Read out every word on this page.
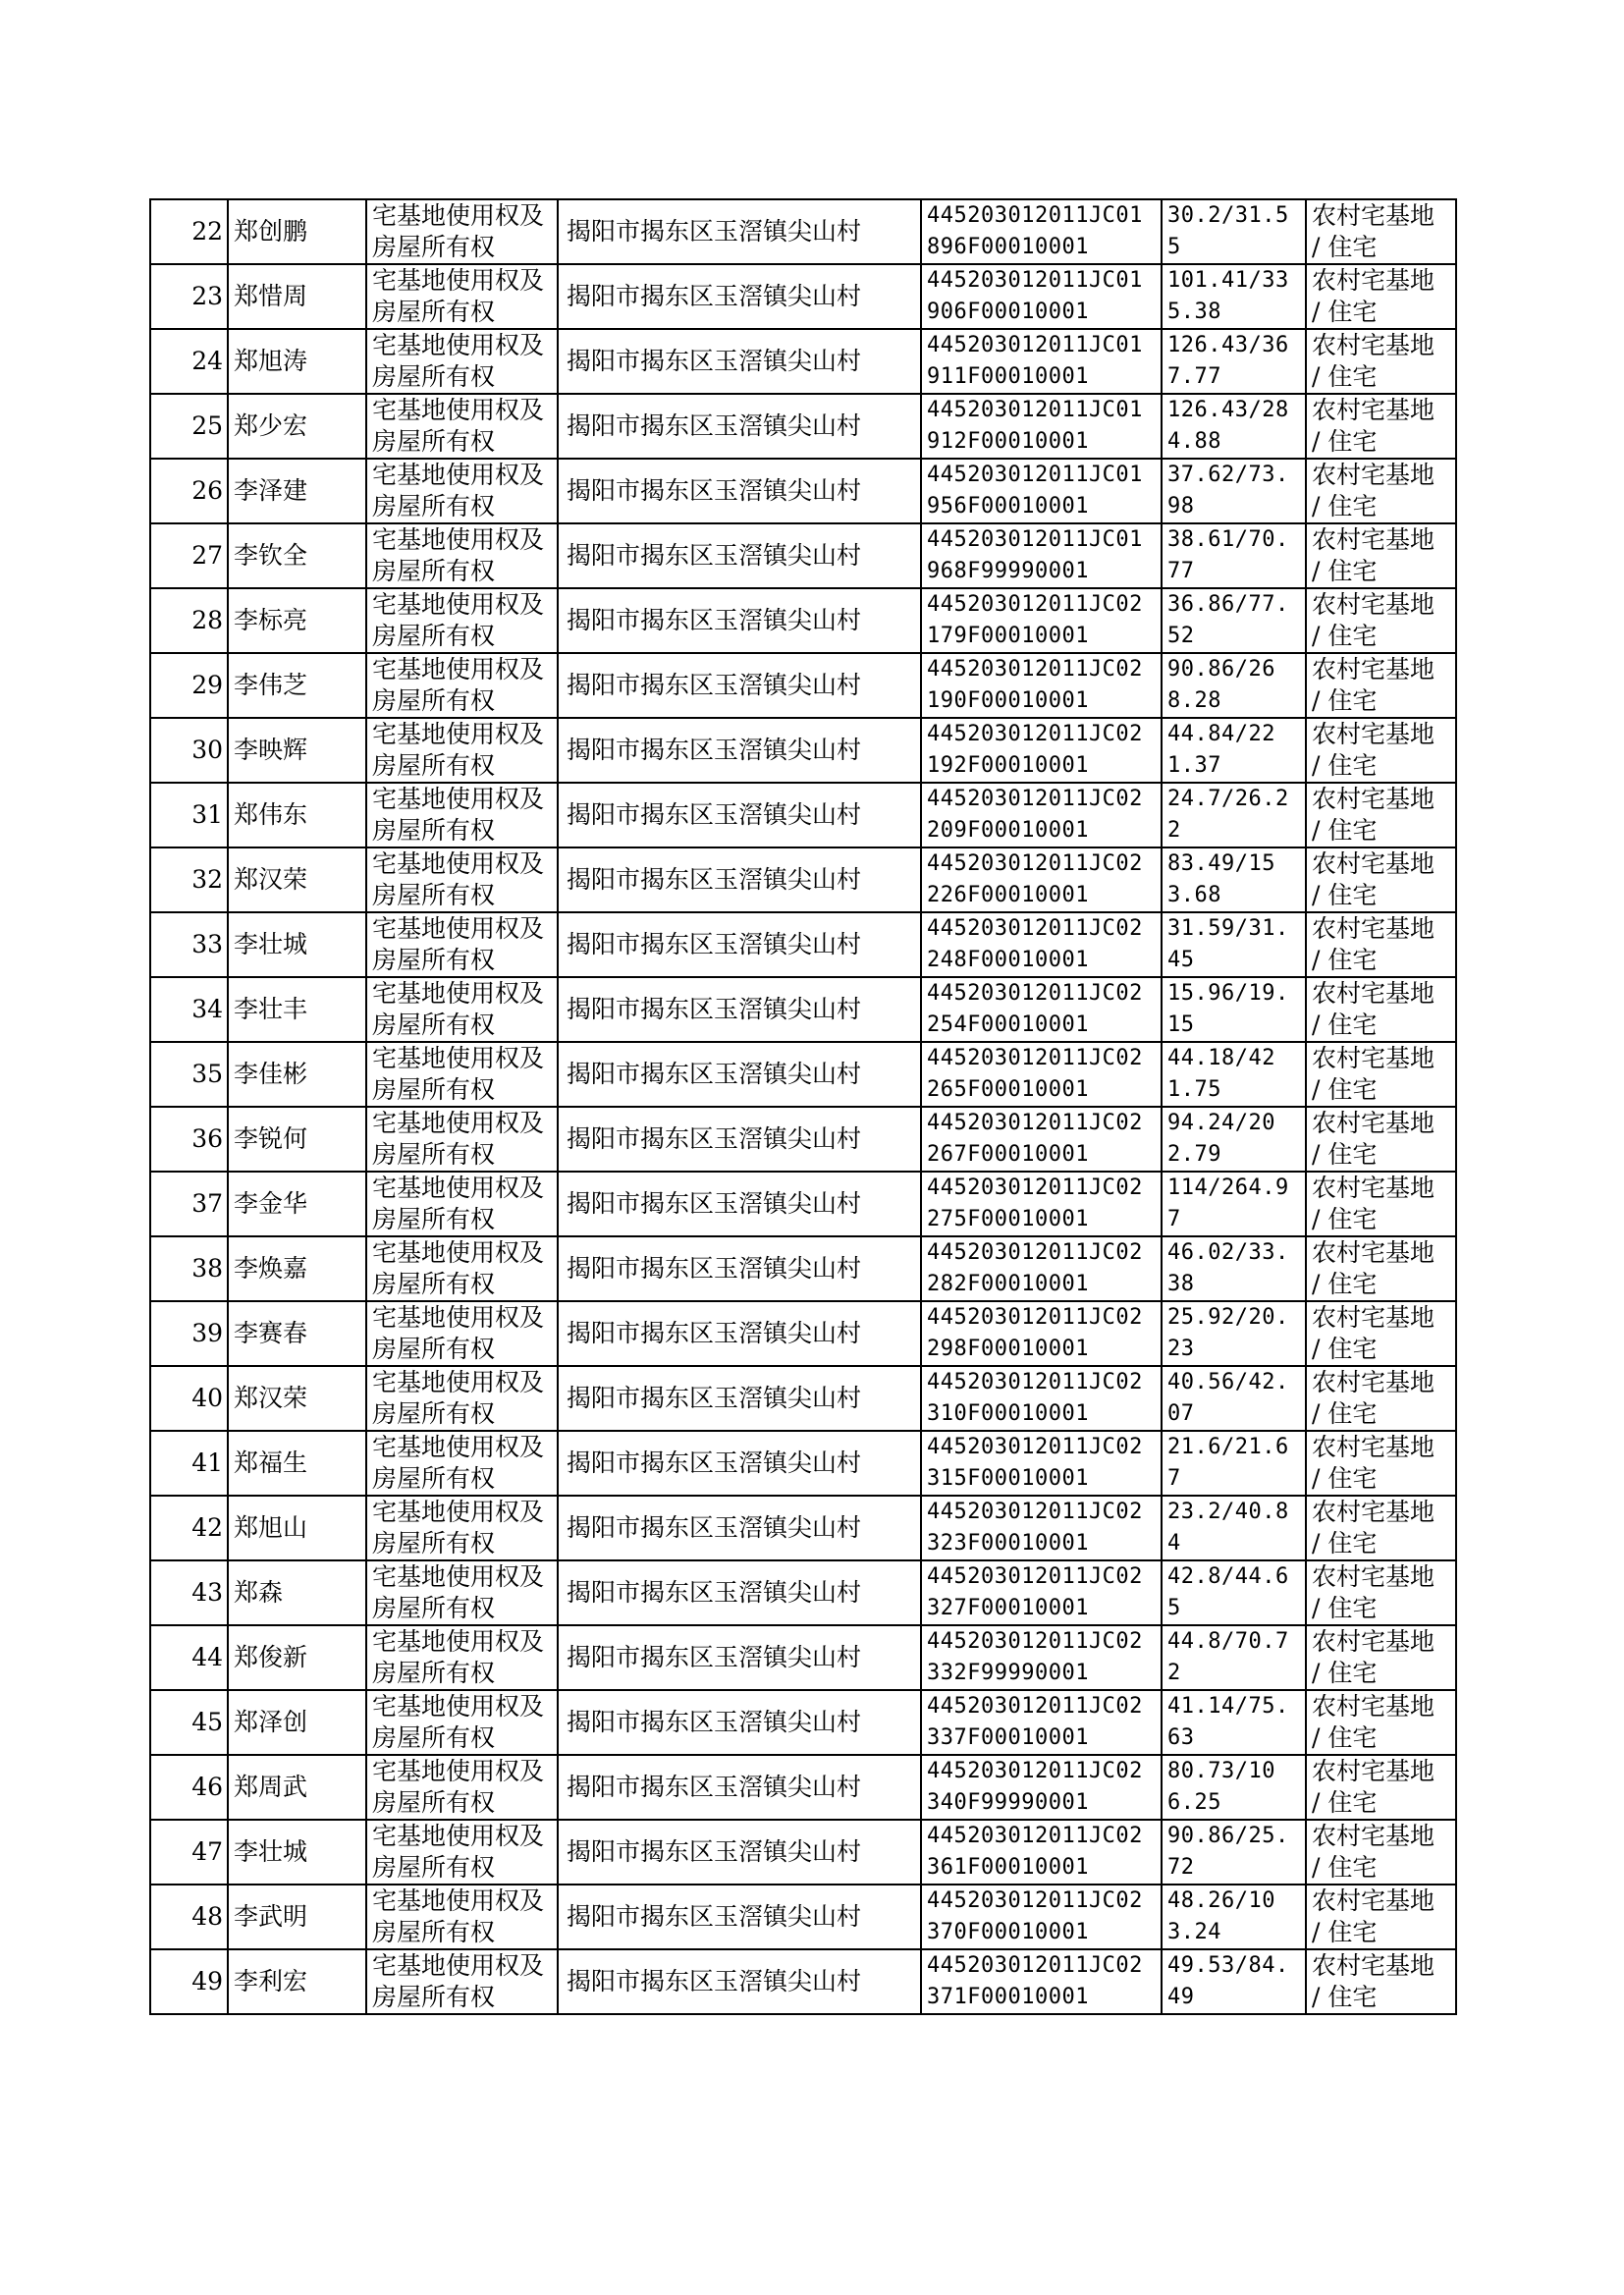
22	郑创鹏	宅基地使用权及房屋所有权	揭阳市揭东区玉滘镇尖山村	445203012011JC01896F00010001	30.2/31.55	农村宅基地 / 住宅
23	郑惜周	宅基地使用权及房屋所有权	揭阳市揭东区玉滘镇尖山村	445203012011JC01906F00010001	101.41/335.38	农村宅基地 / 住宅
24	郑旭涛	宅基地使用权及房屋所有权	揭阳市揭东区玉滘镇尖山村	445203012011JC01911F00010001	126.43/367.77	农村宅基地 / 住宅
25	郑少宏	宅基地使用权及房屋所有权	揭阳市揭东区玉滘镇尖山村	445203012011JC01912F00010001	126.43/284.88	农村宅基地 / 住宅
26	李泽建	宅基地使用权及房屋所有权	揭阳市揭东区玉滘镇尖山村	445203012011JC01956F00010001	37.62/73.98	农村宅基地 / 住宅
27	李钦全	宅基地使用权及房屋所有权	揭阳市揭东区玉滘镇尖山村	445203012011JC01968F99990001	38.61/70.77	农村宅基地 / 住宅
28	李标亮	宅基地使用权及房屋所有权	揭阳市揭东区玉滘镇尖山村	445203012011JC02179F00010001	36.86/77.52	农村宅基地 / 住宅
29	李伟芝	宅基地使用权及房屋所有权	揭阳市揭东区玉滘镇尖山村	445203012011JC02190F00010001	90.86/268.28	农村宅基地 / 住宅
30	李映辉	宅基地使用权及房屋所有权	揭阳市揭东区玉滘镇尖山村	445203012011JC02192F00010001	44.84/221.37	农村宅基地 / 住宅
31	郑伟东	宅基地使用权及房屋所有权	揭阳市揭东区玉滘镇尖山村	445203012011JC02209F00010001	24.7/26.22	农村宅基地 / 住宅
32	郑汉荣	宅基地使用权及房屋所有权	揭阳市揭东区玉滘镇尖山村	445203012011JC02226F00010001	83.49/153.68	农村宅基地 / 住宅
33	李壮城	宅基地使用权及房屋所有权	揭阳市揭东区玉滘镇尖山村	445203012011JC02248F00010001	31.59/31.45	农村宅基地 / 住宅
34	李壮丰	宅基地使用权及房屋所有权	揭阳市揭东区玉滘镇尖山村	445203012011JC02254F00010001	15.96/19.15	农村宅基地 / 住宅
35	李佳彬	宅基地使用权及房屋所有权	揭阳市揭东区玉滘镇尖山村	445203012011JC02265F00010001	44.18/421.75	农村宅基地 / 住宅
36	李锐何	宅基地使用权及房屋所有权	揭阳市揭东区玉滘镇尖山村	445203012011JC02267F00010001	94.24/202.79	农村宅基地 / 住宅
37	李金华	宅基地使用权及房屋所有权	揭阳市揭东区玉滘镇尖山村	445203012011JC02275F00010001	114/264.97	农村宅基地 / 住宅
38	李焕嘉	宅基地使用权及房屋所有权	揭阳市揭东区玉滘镇尖山村	445203012011JC02282F00010001	46.02/33.38	农村宅基地 / 住宅
39	李赛春	宅基地使用权及房屋所有权	揭阳市揭东区玉滘镇尖山村	445203012011JC02298F00010001	25.92/20.23	农村宅基地 / 住宅
40	郑汉荣	宅基地使用权及房屋所有权	揭阳市揭东区玉滘镇尖山村	445203012011JC02310F00010001	40.56/42.07	农村宅基地 / 住宅
41	郑福生	宅基地使用权及房屋所有权	揭阳市揭东区玉滘镇尖山村	445203012011JC02315F00010001	21.6/21.67	农村宅基地 / 住宅
42	郑旭山	宅基地使用权及房屋所有权	揭阳市揭东区玉滘镇尖山村	445203012011JC02323F00010001	23.2/40.84	农村宅基地 / 住宅
43	郑森	宅基地使用权及房屋所有权	揭阳市揭东区玉滘镇尖山村	445203012011JC02327F00010001	42.8/44.65	农村宅基地 / 住宅
44	郑俊新	宅基地使用权及房屋所有权	揭阳市揭东区玉滘镇尖山村	445203012011JC02332F99990001	44.8/70.72	农村宅基地 / 住宅
45	郑泽创	宅基地使用权及房屋所有权	揭阳市揭东区玉滘镇尖山村	445203012011JC02337F00010001	41.14/75.63	农村宅基地 / 住宅
46	郑周武	宅基地使用权及房屋所有权	揭阳市揭东区玉滘镇尖山村	445203012011JC02340F99990001	80.73/106.25	农村宅基地 / 住宅
47	李壮城	宅基地使用权及房屋所有权	揭阳市揭东区玉滘镇尖山村	445203012011JC02361F00010001	90.86/25.72	农村宅基地 / 住宅
48	李武明	宅基地使用权及房屋所有权	揭阳市揭东区玉滘镇尖山村	445203012011JC02370F00010001	48.26/103.24	农村宅基地 / 住宅
49	李利宏	宅基地使用权及房屋所有权	揭阳市揭东区玉滘镇尖山村	445203012011JC02371F00010001	49.53/84.49	农村宅基地 / 住宅
